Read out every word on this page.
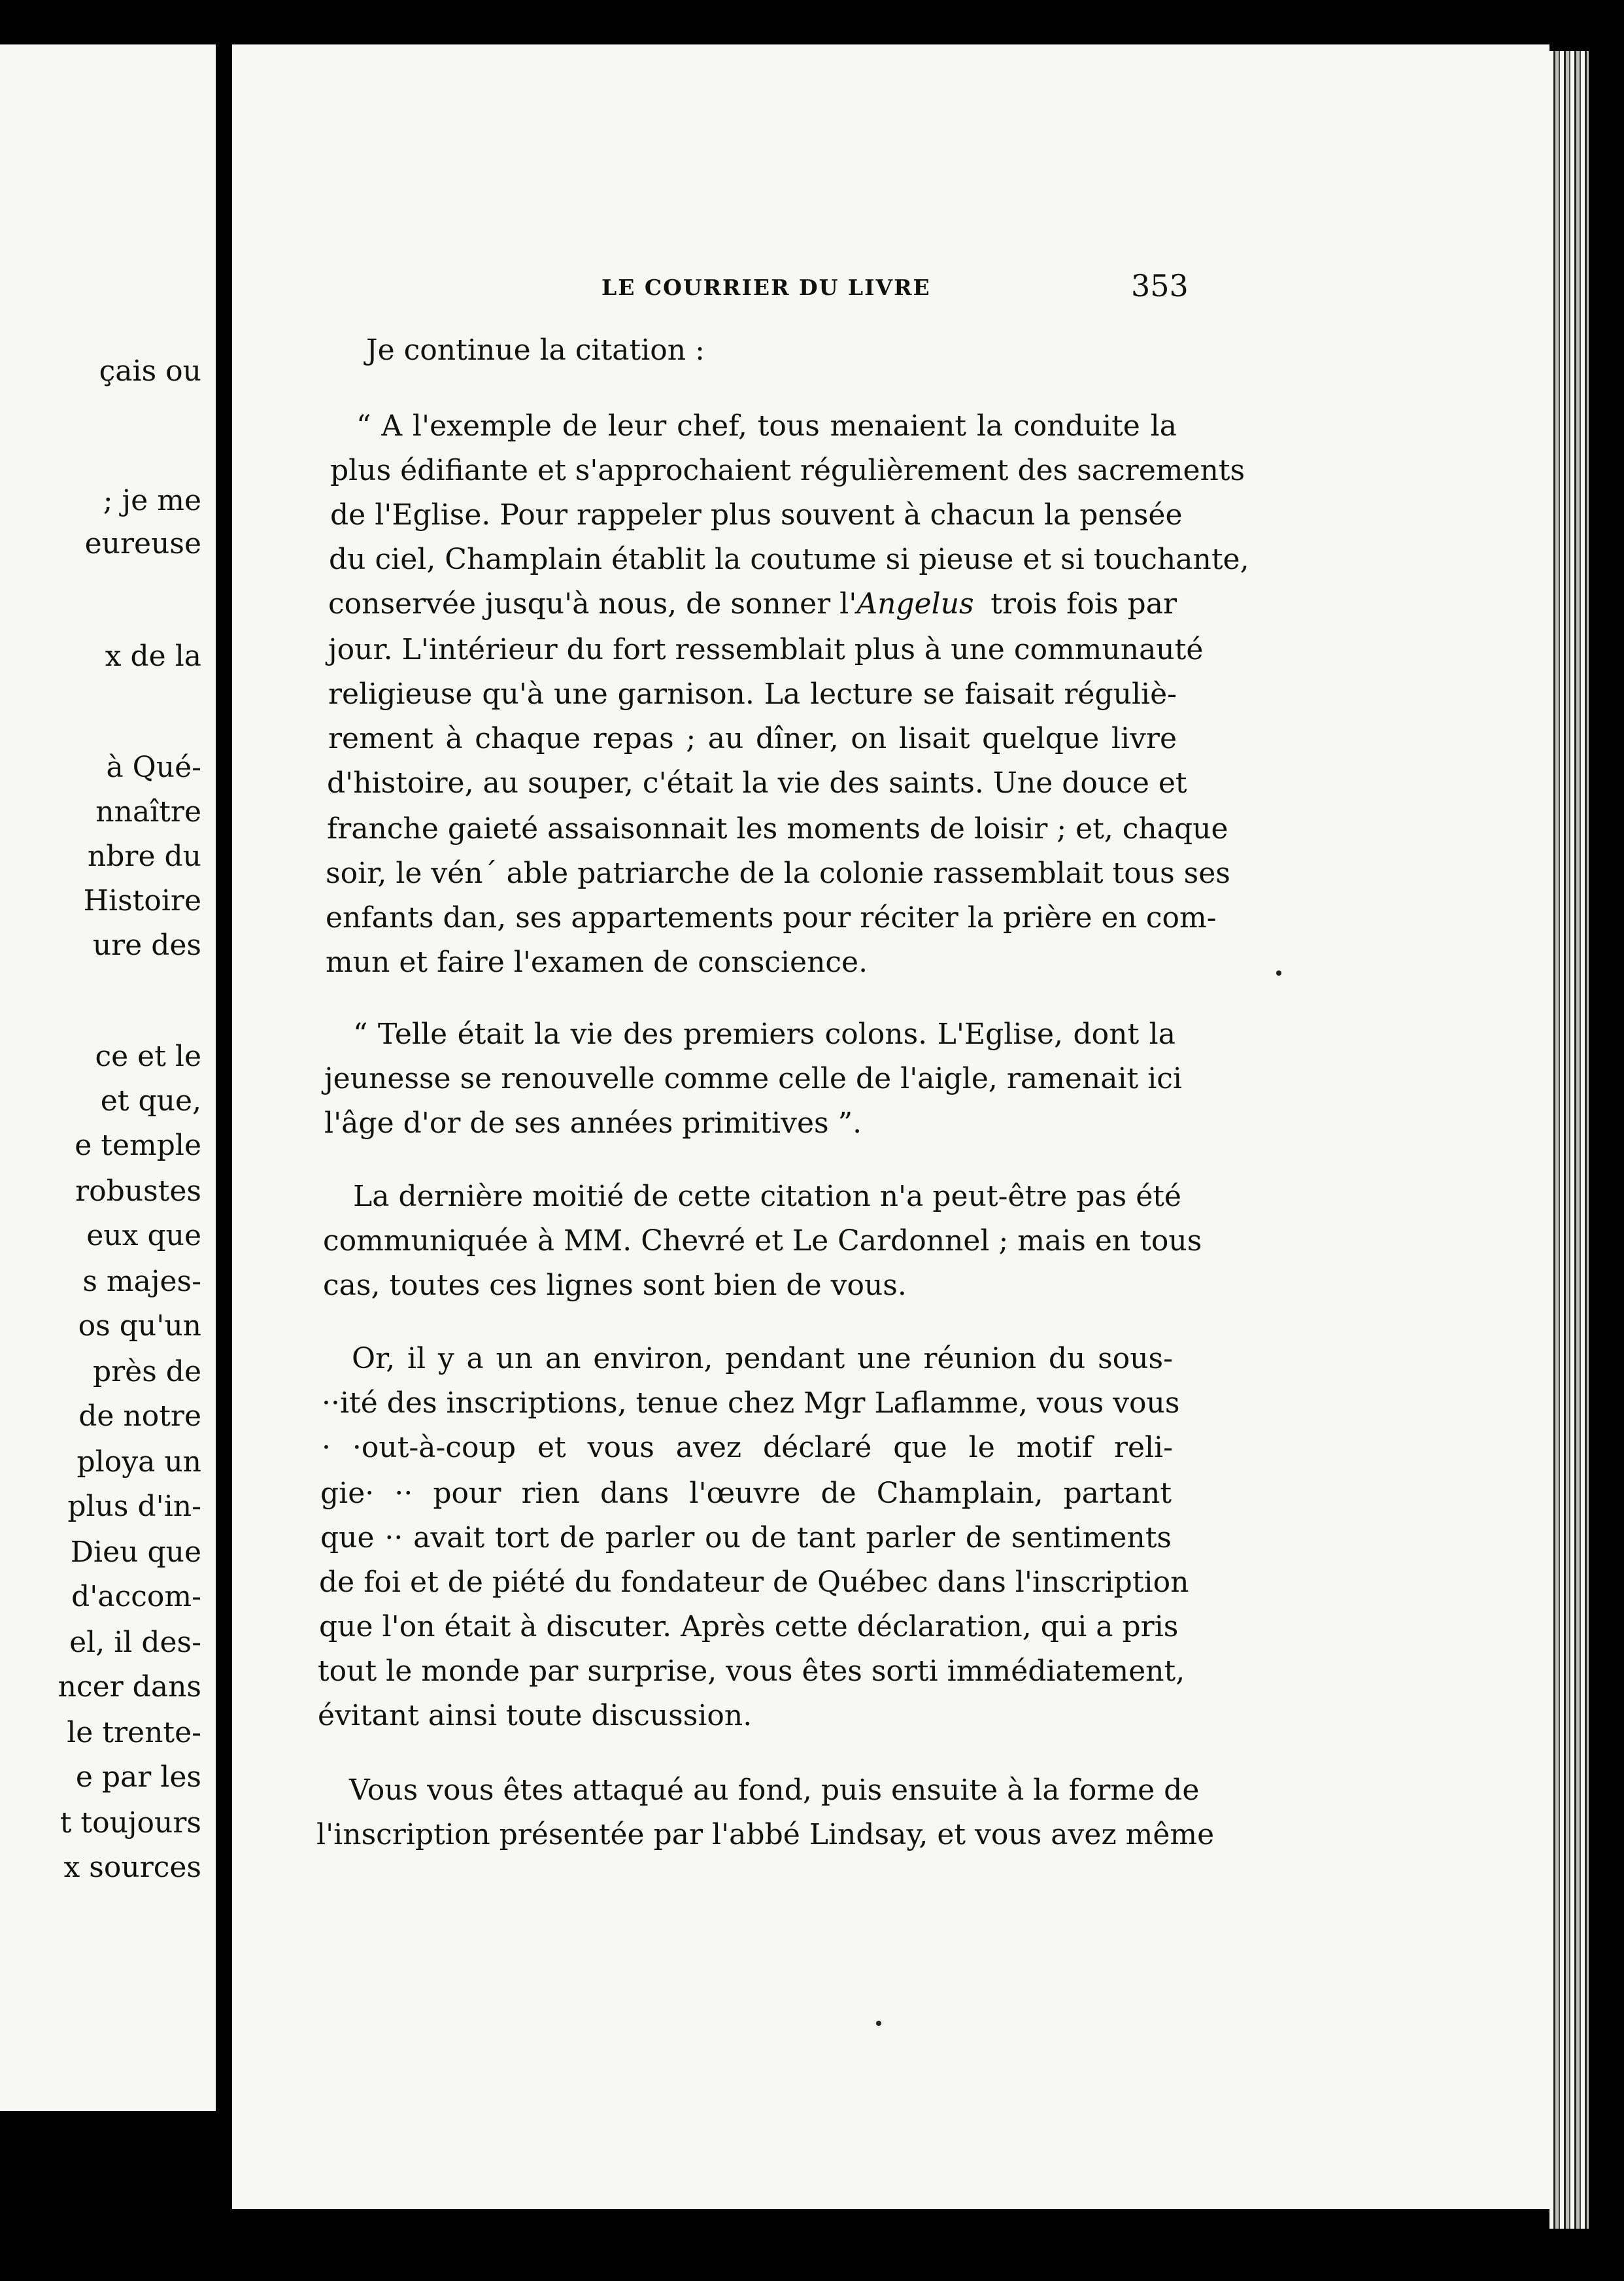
çais ou
; je me
eureuse
x de la
à Qué-
nnaître
nbre du
Histoire
ure des
ce et le
et que,
e temple
robustes
eux que
s majes-
os qu'un
près de
de notre
ploya un
plus d'in-
Dieu que
d'accom-
el, il des-
ncer dans
le trente-
e par les
t toujours
x sources
LE COURRIER DU LIVRE	353
Je continue la citation :
“ A l'exemple de leur chef, tous menaient la conduite la
plus édifiante et s'approchaient régulièrement des sacrements
de l'Eglise. Pour rappeler plus souvent à chacun la pensée
du ciel, Champlain établit la coutume si pieuse et si touchante,
conservée jusqu'à nous, de sonner l' Angelus trois fois par
jour. L'intérieur du fort ressemblait plus à une communauté
religieuse qu'à une garnison. La lecture se faisait réguliè-
rement à chaque repas ; au dîner, on lisait quelque livre
d'histoire, au souper, c'était la vie des saints. Une douce et
franche gaieté assaisonnait les moments de loisir ; et, chaque
soir, le vén´ able patriarche de la colonie rassemblait tous ses
enfants dan, ses appartements pour réciter la prière en com-
mun et faire l'examen de conscience.
“ Telle était la vie des premiers colons. L'Eglise, dont la
jeunesse se renouvelle comme celle de l'aigle, ramenait ici
l'âge d'or de ses années primitives ”.
La dernière moitié de cette citation n'a peut-être pas été
communiquée à MM. Chevré et Le Cardonnel ; mais en tous
cas, toutes ces lignes sont bien de vous.
Or, il y a un an environ, pendant une réunion du sous-
··ité des inscriptions, tenue chez Mgr Laflamme, vous vous
· ·out-à-coup et vous avez déclaré que le motif reli-
gie· ·· pour rien dans l'œuvre de Champlain, partant
que ·· avait tort de parler ou de tant parler de sentiments
de foi et de piété du fondateur de Québec dans l'inscription
que l'on était à discuter. Après cette déclaration, qui a pris
tout le monde par surprise, vous êtes sorti immédiatement,
évitant ainsi toute discussion.
Vous vous êtes attaqué au fond, puis ensuite à la forme de
l'inscription présentée par l'abbé Lindsay, et vous avez même
